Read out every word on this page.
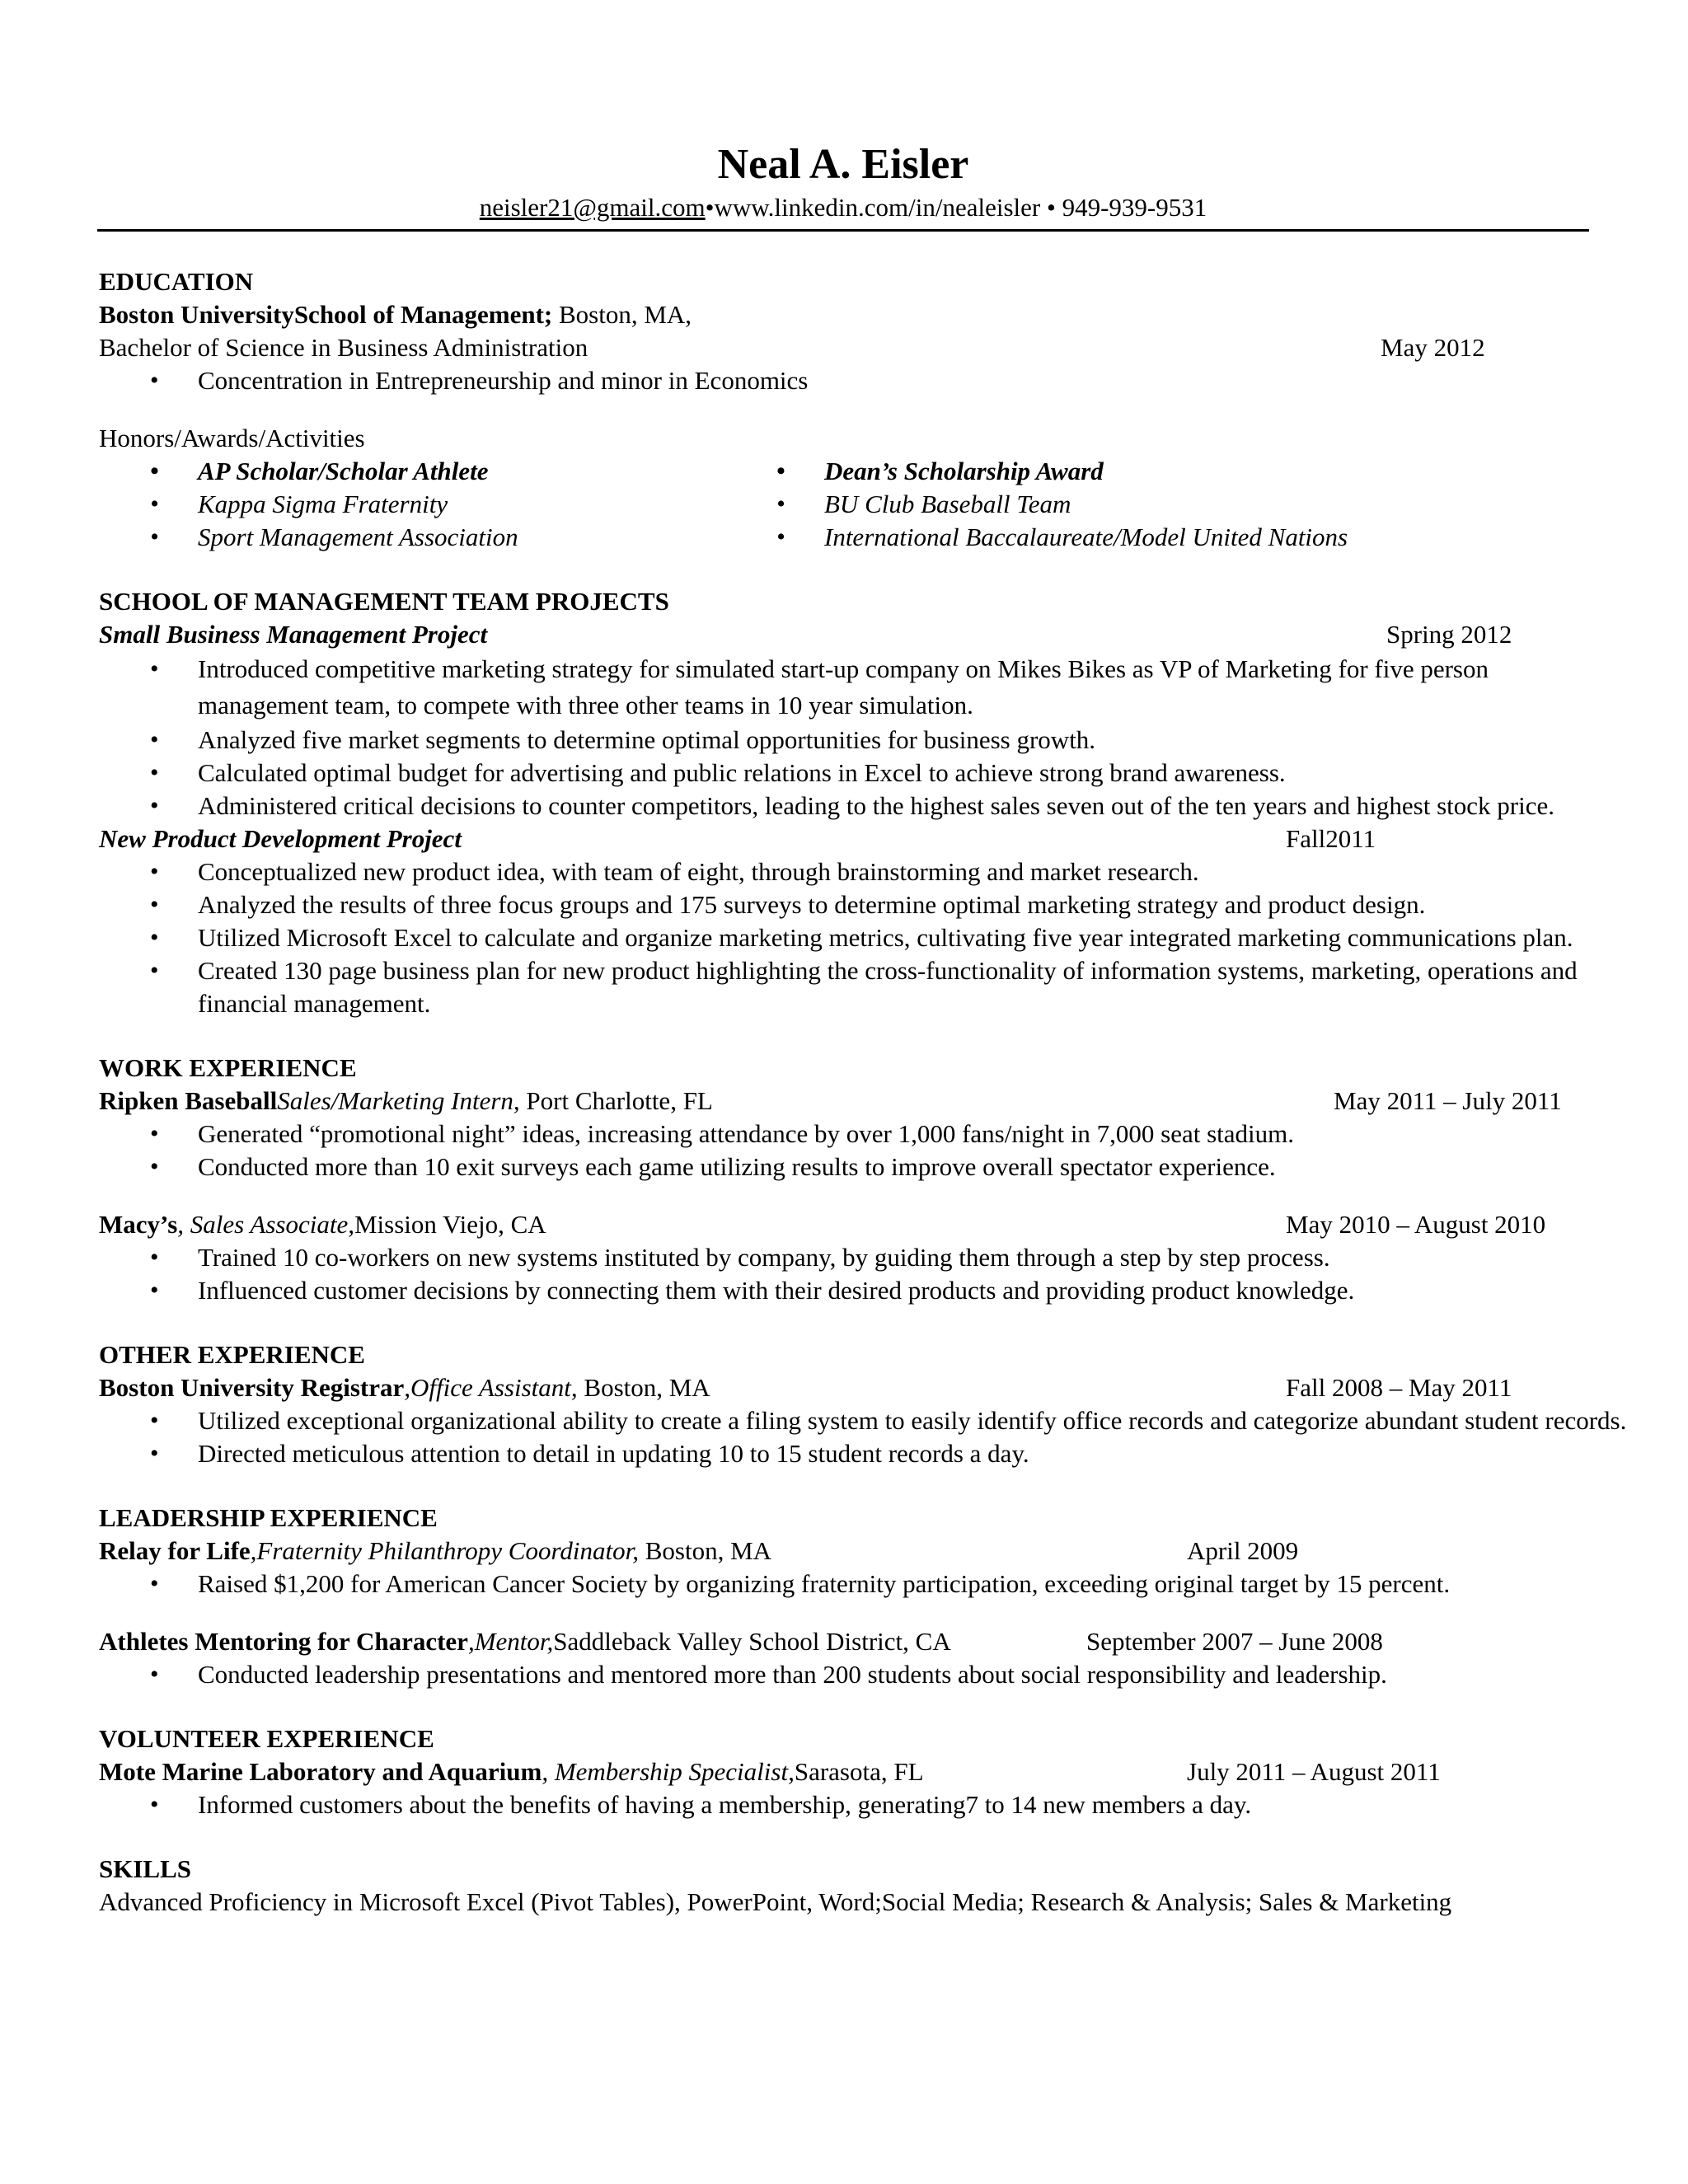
Neal A. Eisler
neisler21@gmail.com•www.linkedin.com/in/nealeisler • 949-939-9531
EDUCATION
Boston UniversitySchool of Management; Boston, MA,
Bachelor of Science in Business Administration	May 2012
• Concentration in Entrepreneurship and minor in Economics
Honors/Awards/Activities
• AP Scholar/Scholar Athlete
• Kappa Sigma Fraternity
• Sport Management Association
• Dean’s Scholarship Award
• BU Club Baseball Team
• International Baccalaureate/Model United Nations
SCHOOL OF MANAGEMENT TEAM PROJECTS
Small Business Management Project	Spring 2012
• Introduced competitive marketing strategy for simulated start-up company on Mikes Bikes as VP of Marketing for five person management team, to compete with three other teams in 10 year simulation.
• Analyzed five market segments to determine optimal opportunities for business growth.
• Calculated optimal budget for advertising and public relations in Excel to achieve strong brand awareness.
• Administered critical decisions to counter competitors, leading to the highest sales seven out of the ten years and highest stock price.
New Product Development Project	Fall2011
• Conceptualized new product idea, with team of eight, through brainstorming and market research.
• Analyzed the results of three focus groups and 175 surveys to determine optimal marketing strategy and product design.
• Utilized Microsoft Excel to calculate and organize marketing metrics, cultivating five year integrated marketing communications plan.
• Created 130 page business plan for new product highlighting the cross-functionality of information systems, marketing, operations and financial management.
WORK EXPERIENCE
Ripken BaseballSales/Marketing Intern, Port Charlotte, FL	May 2011 – July 2011
• Generated “promotional night” ideas, increasing attendance by over 1,000 fans/night in 7,000 seat stadium.
• Conducted more than 10 exit surveys each game utilizing results to improve overall spectator experience.
Macy’s, Sales Associate,Mission Viejo, CA	May 2010 – August 2010
• Trained 10 co-workers on new systems instituted by company, by guiding them through a step by step process.
• Influenced customer decisions by connecting them with their desired products and providing product knowledge.
OTHER EXPERIENCE
Boston University Registrar,Office Assistant, Boston, MA	Fall 2008 – May 2011
• Utilized exceptional organizational ability to create a filing system to easily identify office records and categorize abundant student records.
• Directed meticulous attention to detail in updating 10 to 15 student records a day.
LEADERSHIP EXPERIENCE
Relay for Life,Fraternity Philanthropy Coordinator, Boston, MA	April 2009
• Raised $1,200 for American Cancer Society by organizing fraternity participation, exceeding original target by 15 percent.
Athletes Mentoring for Character,Mentor,Saddleback Valley School District, CA	September 2007 – June 2008
• Conducted leadership presentations and mentored more than 200 students about social responsibility and leadership.
VOLUNTEER EXPERIENCE
Mote Marine Laboratory and Aquarium, Membership Specialist,Sarasota, FL	July 2011 – August 2011
• Informed customers about the benefits of having a membership, generating7 to 14 new members a day.
SKILLS
Advanced Proficiency in Microsoft Excel (Pivot Tables), PowerPoint, Word;Social Media; Research & Analysis; Sales & Marketing
